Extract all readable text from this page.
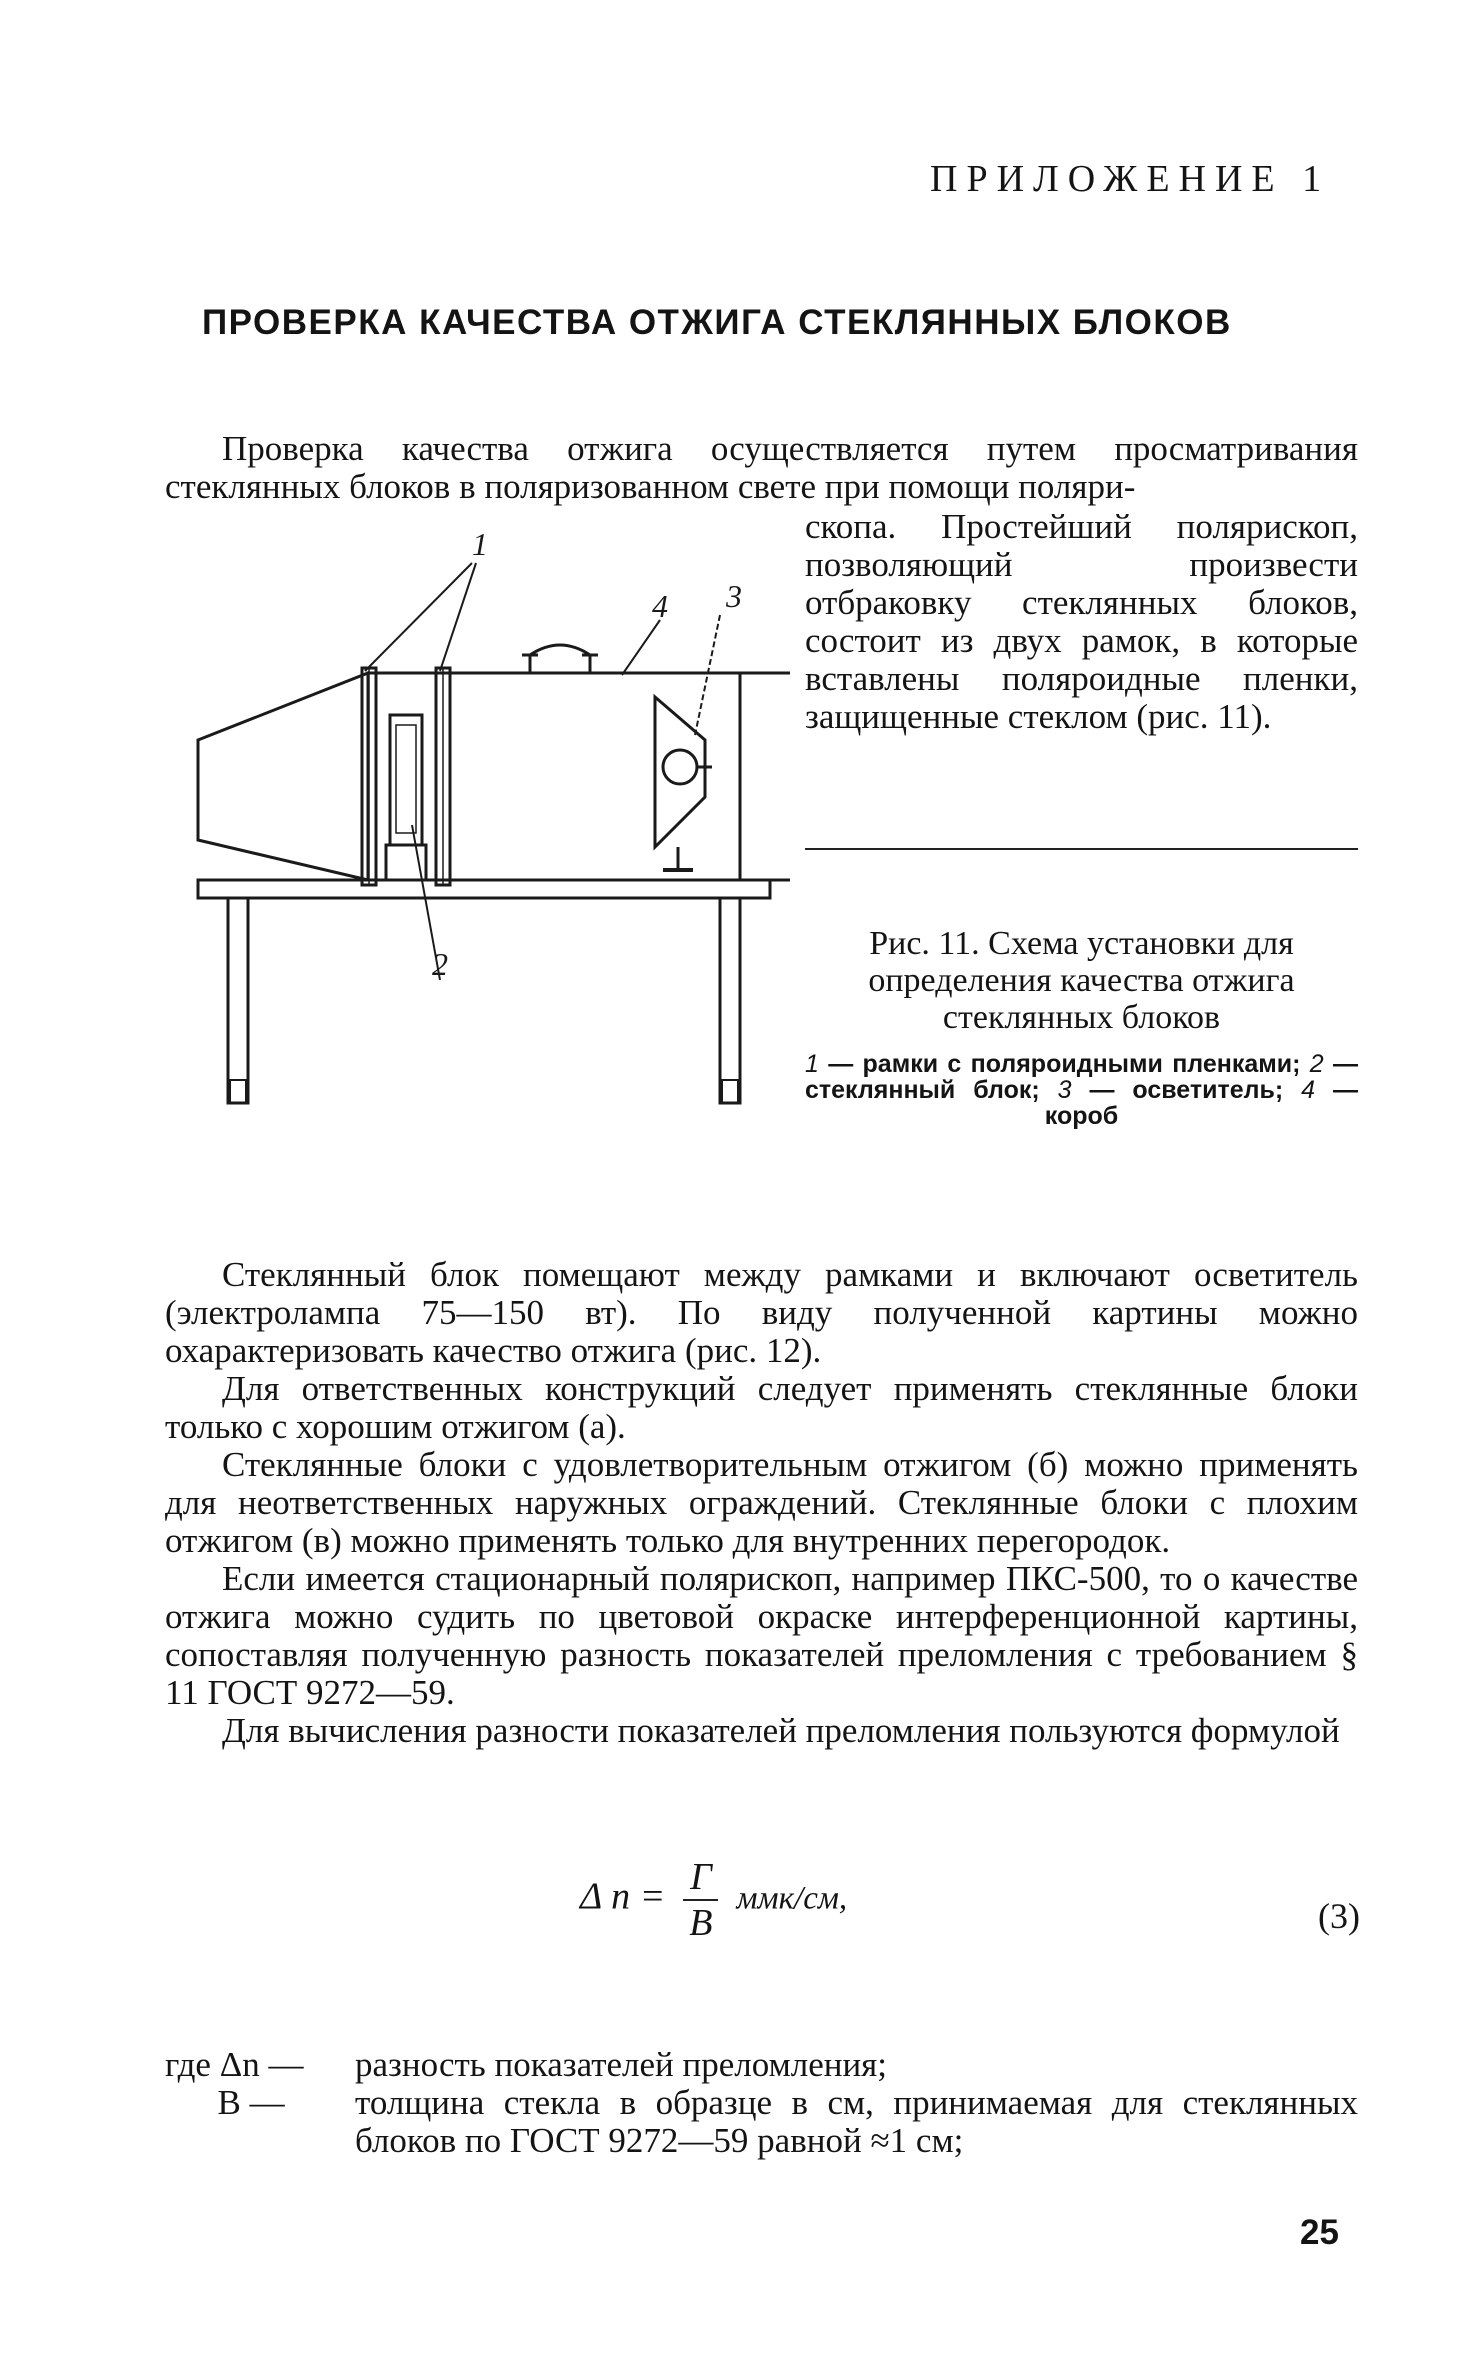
ПРИЛОЖЕНИЕ 1
ПРОВЕРКА КАЧЕСТВА ОТЖИГА СТЕКЛЯННЫХ БЛОКОВ
Проверка качества отжига осуществляется путем просматривания стеклянных блоков в поляризованном свете при помощи поляри-
1
4 3
2
скопа. Простейший полярископ, позволяющий произвести отбраковку стеклянных блоков, состоит из двух рамок, в которые вставлены поляроидные пленки, защищенные стеклом (рис. 11).
Рис. 11. Схема установки для определения качества отжига стеклянных блоков
1 — рамки с поляроидными пленками; 2 — стеклянный блок; 3 — осветитель; 4 — короб

Стеклянный блок помещают между рамками и включают осветитель (электролампа 75—150 вт). По виду полученной картины можно охарактеризовать качество отжига (рис. 12).

Для ответственных конструкций следует применять стеклянные блоки только с хорошим отжигом (а).

Стеклянные блоки с удовлетворительным отжигом (б) можно применять для неответственных наружных ограждений. Стеклянные блоки с плохим отжигом (в) можно применять только для внутренних перегородок.

Если имеется стационарный полярископ, например ПКС-500, то о качестве отжига можно судить по цветовой окраске интерференционной картины, сопоставляя полученную разность показателей преломления с требованием § 11 ГОСТ 9272—59.

Для вычисления разности показателей преломления пользуются формулой

Δ $n = \frac{Г}{В} ммк/см$,	(3)
где Δn —	разность показателей преломления;
В —	толщина стекла в образце в см, принимаемая для стеклянных блоков по ГОСТ 9272—59 равной ≈1 см;
25
